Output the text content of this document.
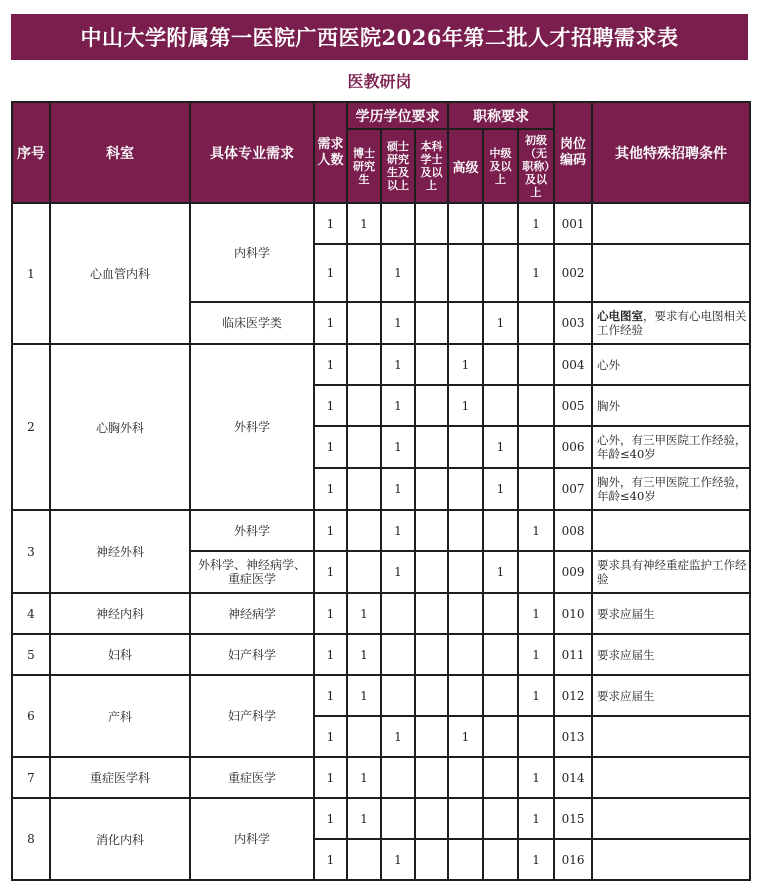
中山大学附属第一医院广西医院2026年第二批人才招聘需求表
医教研岗
序号	科室	具体专业需求	需求人数	学历学位要求			职称要求			岗位编码	其他特殊招聘条件
				博士研究生	硕士研究生及以上	本科学士及以上	高级	中级及以上	初级（无职称）及以上		
1	心血管内科	内科学	1	1					1	001	
			1		1				1	002	
		临床医学类	1		1			1		003	心电图室，要求有心电图相关工作经验
2	心胸外科	外科学	1		1		1			004	心外
			1		1		1			005	胸外
			1		1			1		006	心外，有三甲医院工作经验，年龄≤40岁
			1		1			1		007	胸外，有三甲医院工作经验，年龄≤40岁
3	神经外科	外科学	1		1				1	008	
		外科学、神经病学、重症医学	1		1			1		009	要求具有神经重症监护工作经验
4	神经内科	神经病学	1	1					1	010	要求应届生
5	妇科	妇产科学	1	1					1	011	要求应届生
6	产科	妇产科学	1	1					1	012	要求应届生
			1		1		1			013	
7	重症医学科	重症医学	1	1					1	014	
8	消化内科	内科学	1	1					1	015	
			1		1				1	016	
